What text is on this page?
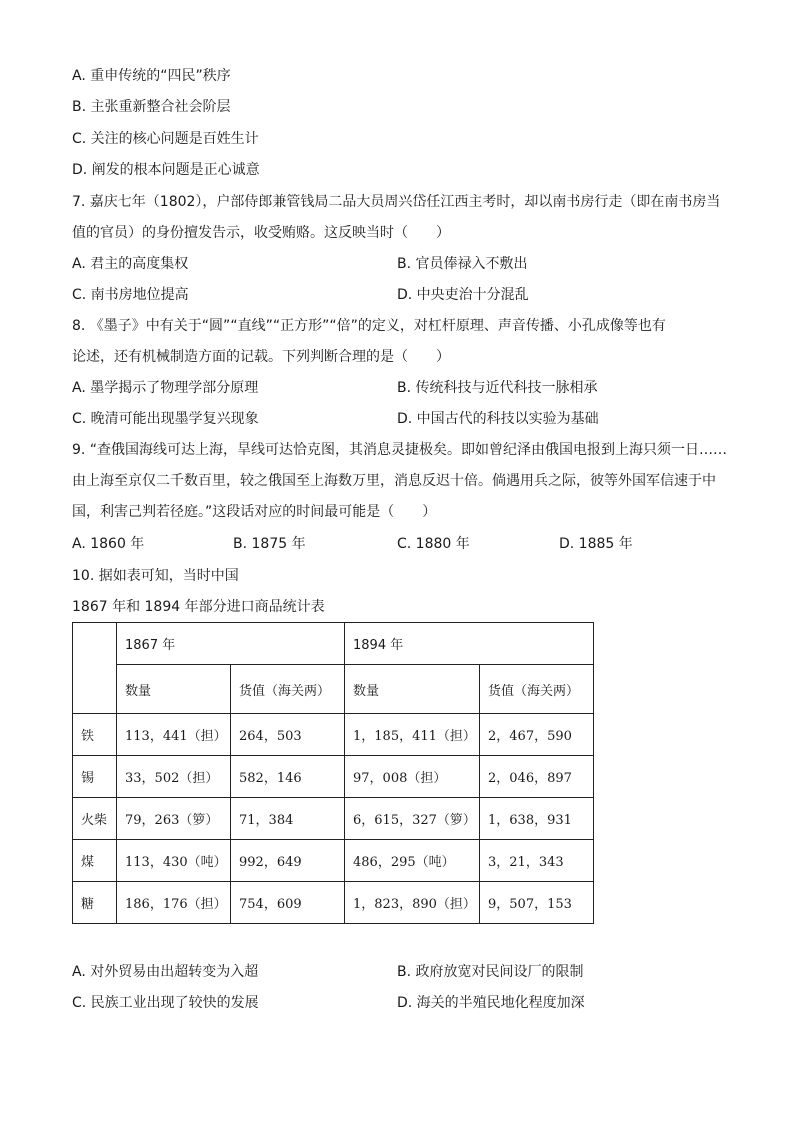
A. 重申传统的“四民”秩序
B. 主张重新整合社会阶层
C. 关注的核心问题是百姓生计
D. 阐发的根本问题是正心诚意
7. 嘉庆七年（1802），户部侍郎兼管钱局二品大员周兴岱任江西主考时，却以南书房行走（即在南书房当
值的官员）的身份擅发告示，收受贿赂。这反映当时（　　）
A. 君主的高度集权	B. 官员俸禄入不敷出
C. 南书房地位提高	D. 中央吏治十分混乱
8. 《墨子》中有关于“圆”“直线”“正方形”“倍”的定义，对杠杆原理、声音传播、小孔成像等也有
论述，还有机械制造方面的记载。下列判断合理的是（　　）
A. 墨学揭示了物理学部分原理	B. 传统科技与近代科技一脉相承
C. 晚清可能出现墨学复兴现象	D. 中国古代的科技以实验为基础
9. “查俄国海线可达上海，旱线可达恰克图，其消息灵捷极矣。即如曾纪泽由俄国电报到上海只须一日……
由上海至京仅二千数百里，较之俄国至上海数万里，消息反迟十倍。倘遇用兵之际，彼等外国军信速于中
国，利害己判若径庭。”这段话对应的时间最可能是（　　）
A. 1860 年	B. 1875 年	C. 1880 年	D. 1885 年
10. 据如表可知，当时中国
1867 年和 1894 年部分进口商品统计表
	1867 年		1894 年	
	数量	货值（海关两）	数量	货值（海关两）
铁	113，441（担）	264，503	1，185，411（担）	2，467，590
锡	33，502（担）	582，146	97，008（担）	2，046，897
火柴	79，263（箩）	71，384	6，615，327（箩）	1，638，931
煤	113，430（吨）	992，649	486，295（吨）	3，21，343
糖	186，176（担）	754，609	1，823，890（担）	9，507，153
A. 对外贸易由出超转变为入超	B. 政府放宽对民间设厂的限制
C. 民族工业出现了较快的发展	D. 海关的半殖民地化程度加深
